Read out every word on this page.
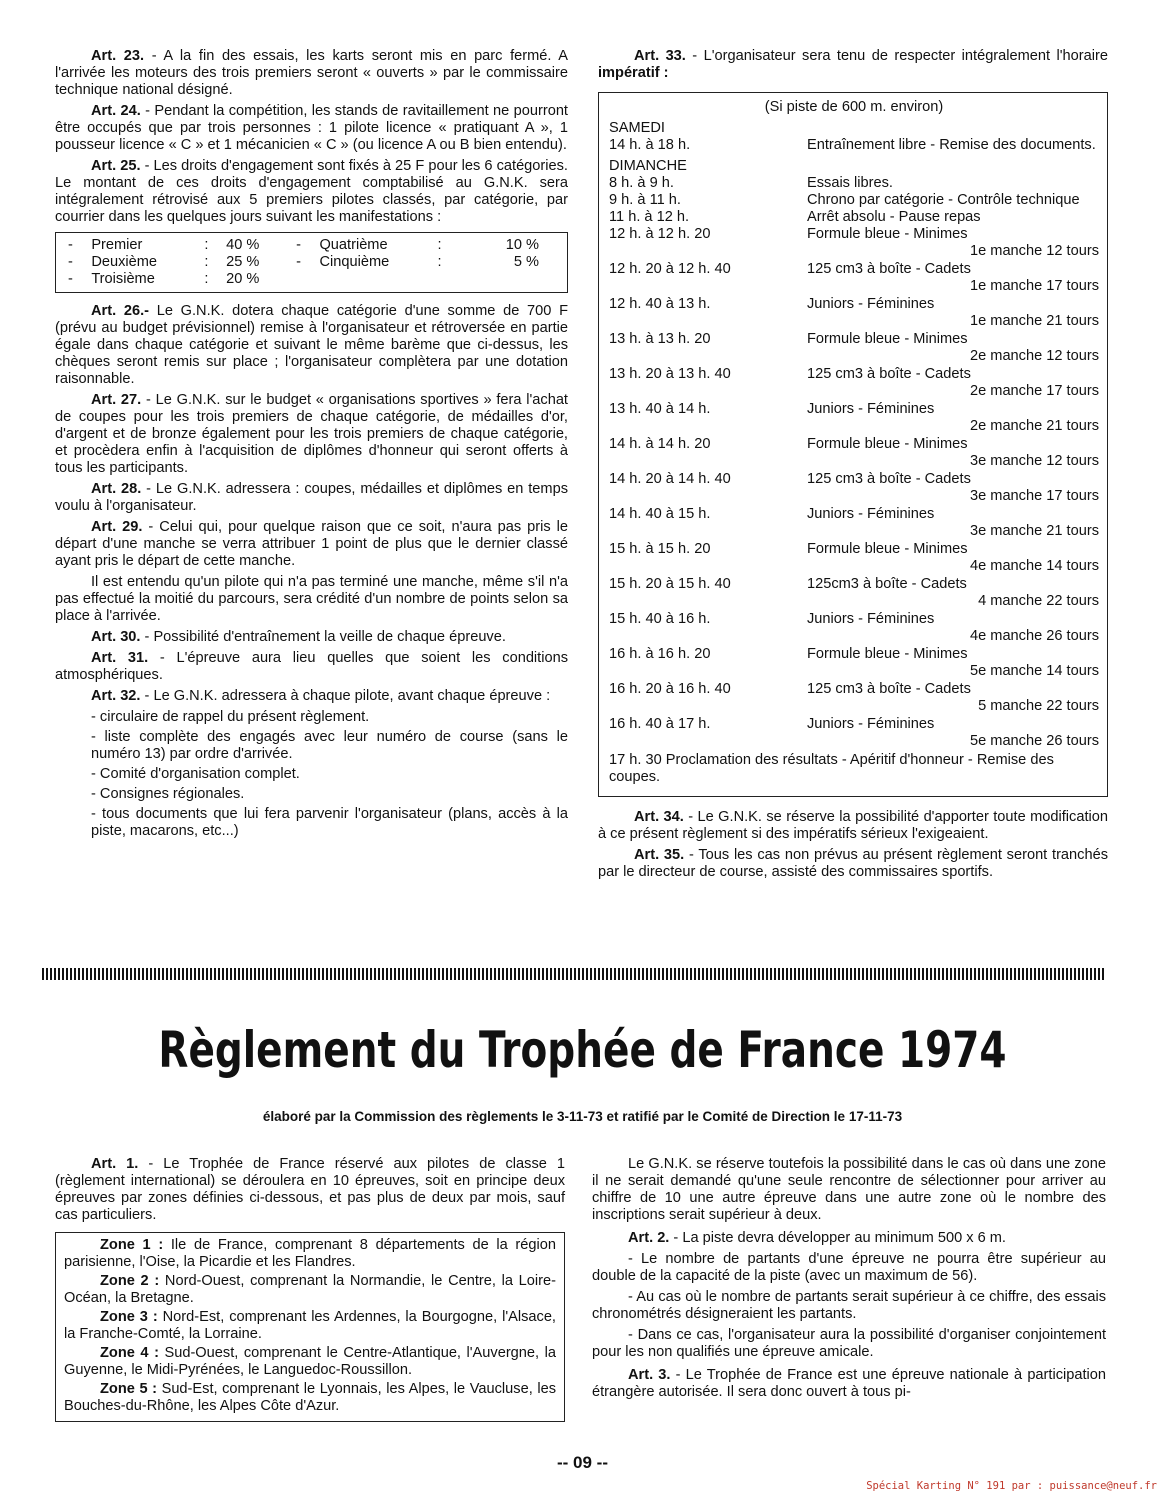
Art. 23. - A la fin des essais, les karts seront mis en parc fermé. A l'arrivée les moteurs des trois premiers seront « ouverts » par le commissaire technique national désigné.

Art. 24. - Pendant la compétition, les stands de ravitaillement ne pourront être occupés que par trois personnes : 1 pilote licence « pratiquant A », 1 pousseur licence « C » et 1 mécanicien « C » (ou licence A ou B bien entendu).

Art. 25. - Les droits d'engagement sont fixés à 25 F pour les 6 catégories. Le montant de ces droits d'engagement comptabilisé au G.N.K. sera intégralement rétrovisé aux 5 premiers pilotes classés, par catégorie, par courrier dans les quelques jours suivant les manifestations :

-	Premier	:	40 %	-	Quatrième	:	10 %
-	Deuxième	:	25 %	-	Cinquième	:	5 %
-	Troisième	:	20 %				

Art. 26.- Le G.N.K. dotera chaque catégorie d'une somme de 700 F (prévu au budget prévisionnel) remise à l'organisateur et rétroversée en partie égale dans chaque catégorie et suivant le même barème que ci-dessus, les chèques seront remis sur place ; l'organisateur complètera par une dotation raisonnable.

Art. 27. - Le G.N.K. sur le budget « organisations sportives » fera l'achat de coupes pour les trois premiers de chaque catégorie, de médailles d'or, d'argent et de bronze également pour les trois premiers de chaque catégorie, et procèdera enfin à l'acquisition de diplômes d'honneur qui seront offerts à tous les participants.

Art. 28. - Le G.N.K. adressera : coupes, médailles et diplômes en temps voulu à l'organisateur.

Art. 29. - Celui qui, pour quelque raison que ce soit, n'aura pas pris le départ d'une manche se verra attribuer 1 point de plus que le dernier classé ayant pris le départ de cette manche.

Il est entendu qu'un pilote qui n'a pas terminé une manche, même s'il n'a pas effectué la moitié du parcours, sera crédité d'un nombre de points selon sa place à l'arrivée.

Art. 30. - Possibilité d'entraînement la veille de chaque épreuve.

Art. 31. - L'épreuve aura lieu quelles que soient les conditions atmosphériques.

Art. 32. - Le G.N.K. adressera à chaque pilote, avant chaque épreuve :

- circulaire de rappel du présent règlement.

- liste complète des engagés avec leur numéro de course (sans le numéro 13) par ordre d'arrivée.

- Comité d'organisation complet.

- Consignes régionales.

- tous documents que lui fera parvenir l'organisateur (plans, accès à la piste, macarons, etc...)

Art. 33. - L'organisateur sera tenu de respecter intégralement l'horaire impératif :

(Si piste de 600 m. environ)
SAMEDI
14 h. à 18 h.	Entraînement libre - Remise des documents.
DIMANCHE
8 h. à 9 h.	Essais libres.
9 h. à 11 h.	Chrono par catégorie - Contrôle technique
11 h. à 12 h.	Arrêt absolu - Pause repas
12 h. à 12 h. 20	Formule bleue - Minimes
1e manche 12 tours
12 h. 20 à 12 h. 40	125 cm3 à boîte - Cadets
1e manche 17 tours
12 h. 40 à 13 h.	Juniors - Féminines
1e manche 21 tours
13 h. à 13 h. 20	Formule bleue - Minimes
2e manche 12 tours
13 h. 20 à 13 h. 40	125 cm3 à boîte - Cadets
2e manche 17 tours
13 h. 40 à 14 h.	Juniors - Féminines
2e manche 21 tours
14 h. à 14 h. 20	Formule bleue - Minimes
3e manche 12 tours
14 h. 20 à 14 h. 40	125 cm3 à boîte - Cadets
3e manche 17 tours
14 h. 40 à 15 h.	Juniors - Féminines
3e manche 21 tours
15 h. à 15 h. 20	Formule bleue - Minimes
4e manche 14 tours
15 h. 20 à 15 h. 40	125cm3 à boîte - Cadets
4 manche 22 tours
15 h. 40 à 16 h.	Juniors - Féminines
4e manche 26 tours
16 h. à 16 h. 20	Formule bleue - Minimes
5e manche 14 tours
16 h. 20 à 16 h. 40	125 cm3 à boîte - Cadets
5 manche 22 tours
16 h. 40 à 17 h.	Juniors - Féminines
5e manche 26 tours
17 h. 30 Proclamation des résultats - Apéritif d'honneur - Remise des coupes.

Art. 34. - Le G.N.K. se réserve la possibilité d'apporter toute modification à ce présent règlement si des impératifs sérieux l'exigeaient.

Art. 35. - Tous les cas non prévus au présent règlement seront tranchés par le directeur de course, assisté des commissaires sportifs.

Règlement du Trophée de France 1974
élaboré par la Commission des règlements le 3-11-73 et ratifié par le Comité de Direction le 17-11-73

Art. 1. - Le Trophée de France réservé aux pilotes de classe 1 (règlement international) se déroulera en 10 épreuves, soit en principe deux épreuves par zones définies ci-dessous, et pas plus de deux par mois, sauf cas particuliers.

Zone 1 : Ile de France, comprenant 8 départements de la région parisienne, l'Oise, la Picardie et les Flandres.

Zone 2 : Nord-Ouest, comprenant la Normandie, le Centre, la Loire-Océan, la Bretagne.

Zone 3 : Nord-Est, comprenant les Ardennes, la Bourgogne, l'Alsace, la Franche-Comté, la Lorraine.

Zone 4 : Sud-Ouest, comprenant le Centre-Atlantique, l'Auvergne, la Guyenne, le Midi-Pyrénées, le Languedoc-Roussillon.

Zone 5 : Sud-Est, comprenant le Lyonnais, les Alpes, le Vaucluse, les Bouches-du-Rhône, les Alpes Côte d'Azur.

Le G.N.K. se réserve toutefois la possibilité dans le cas où dans une zone il ne serait demandé qu'une seule rencontre de sélectionner pour arriver au chiffre de 10 une autre épreuve dans une autre zone où le nombre des inscriptions serait supérieur à deux.

Art. 2. - La piste devra développer au minimum 500 x 6 m.

- Le nombre de partants d'une épreuve ne pourra être supérieur au double de la capacité de la piste (avec un maximum de 56).

- Au cas où le nombre de partants serait supérieur à ce chiffre, des essais chronométrés désigneraient les partants.

- Dans ce cas, l'organisateur aura la possibilité d'organiser conjointement pour les non qualifiés une épreuve amicale.

Art. 3. - Le Trophée de France est une épreuve nationale à participation étrangère autorisée. Il sera donc ouvert à tous pi-

-- 09 --
Spécial Karting N° 191 par : puissance@neuf.fr
